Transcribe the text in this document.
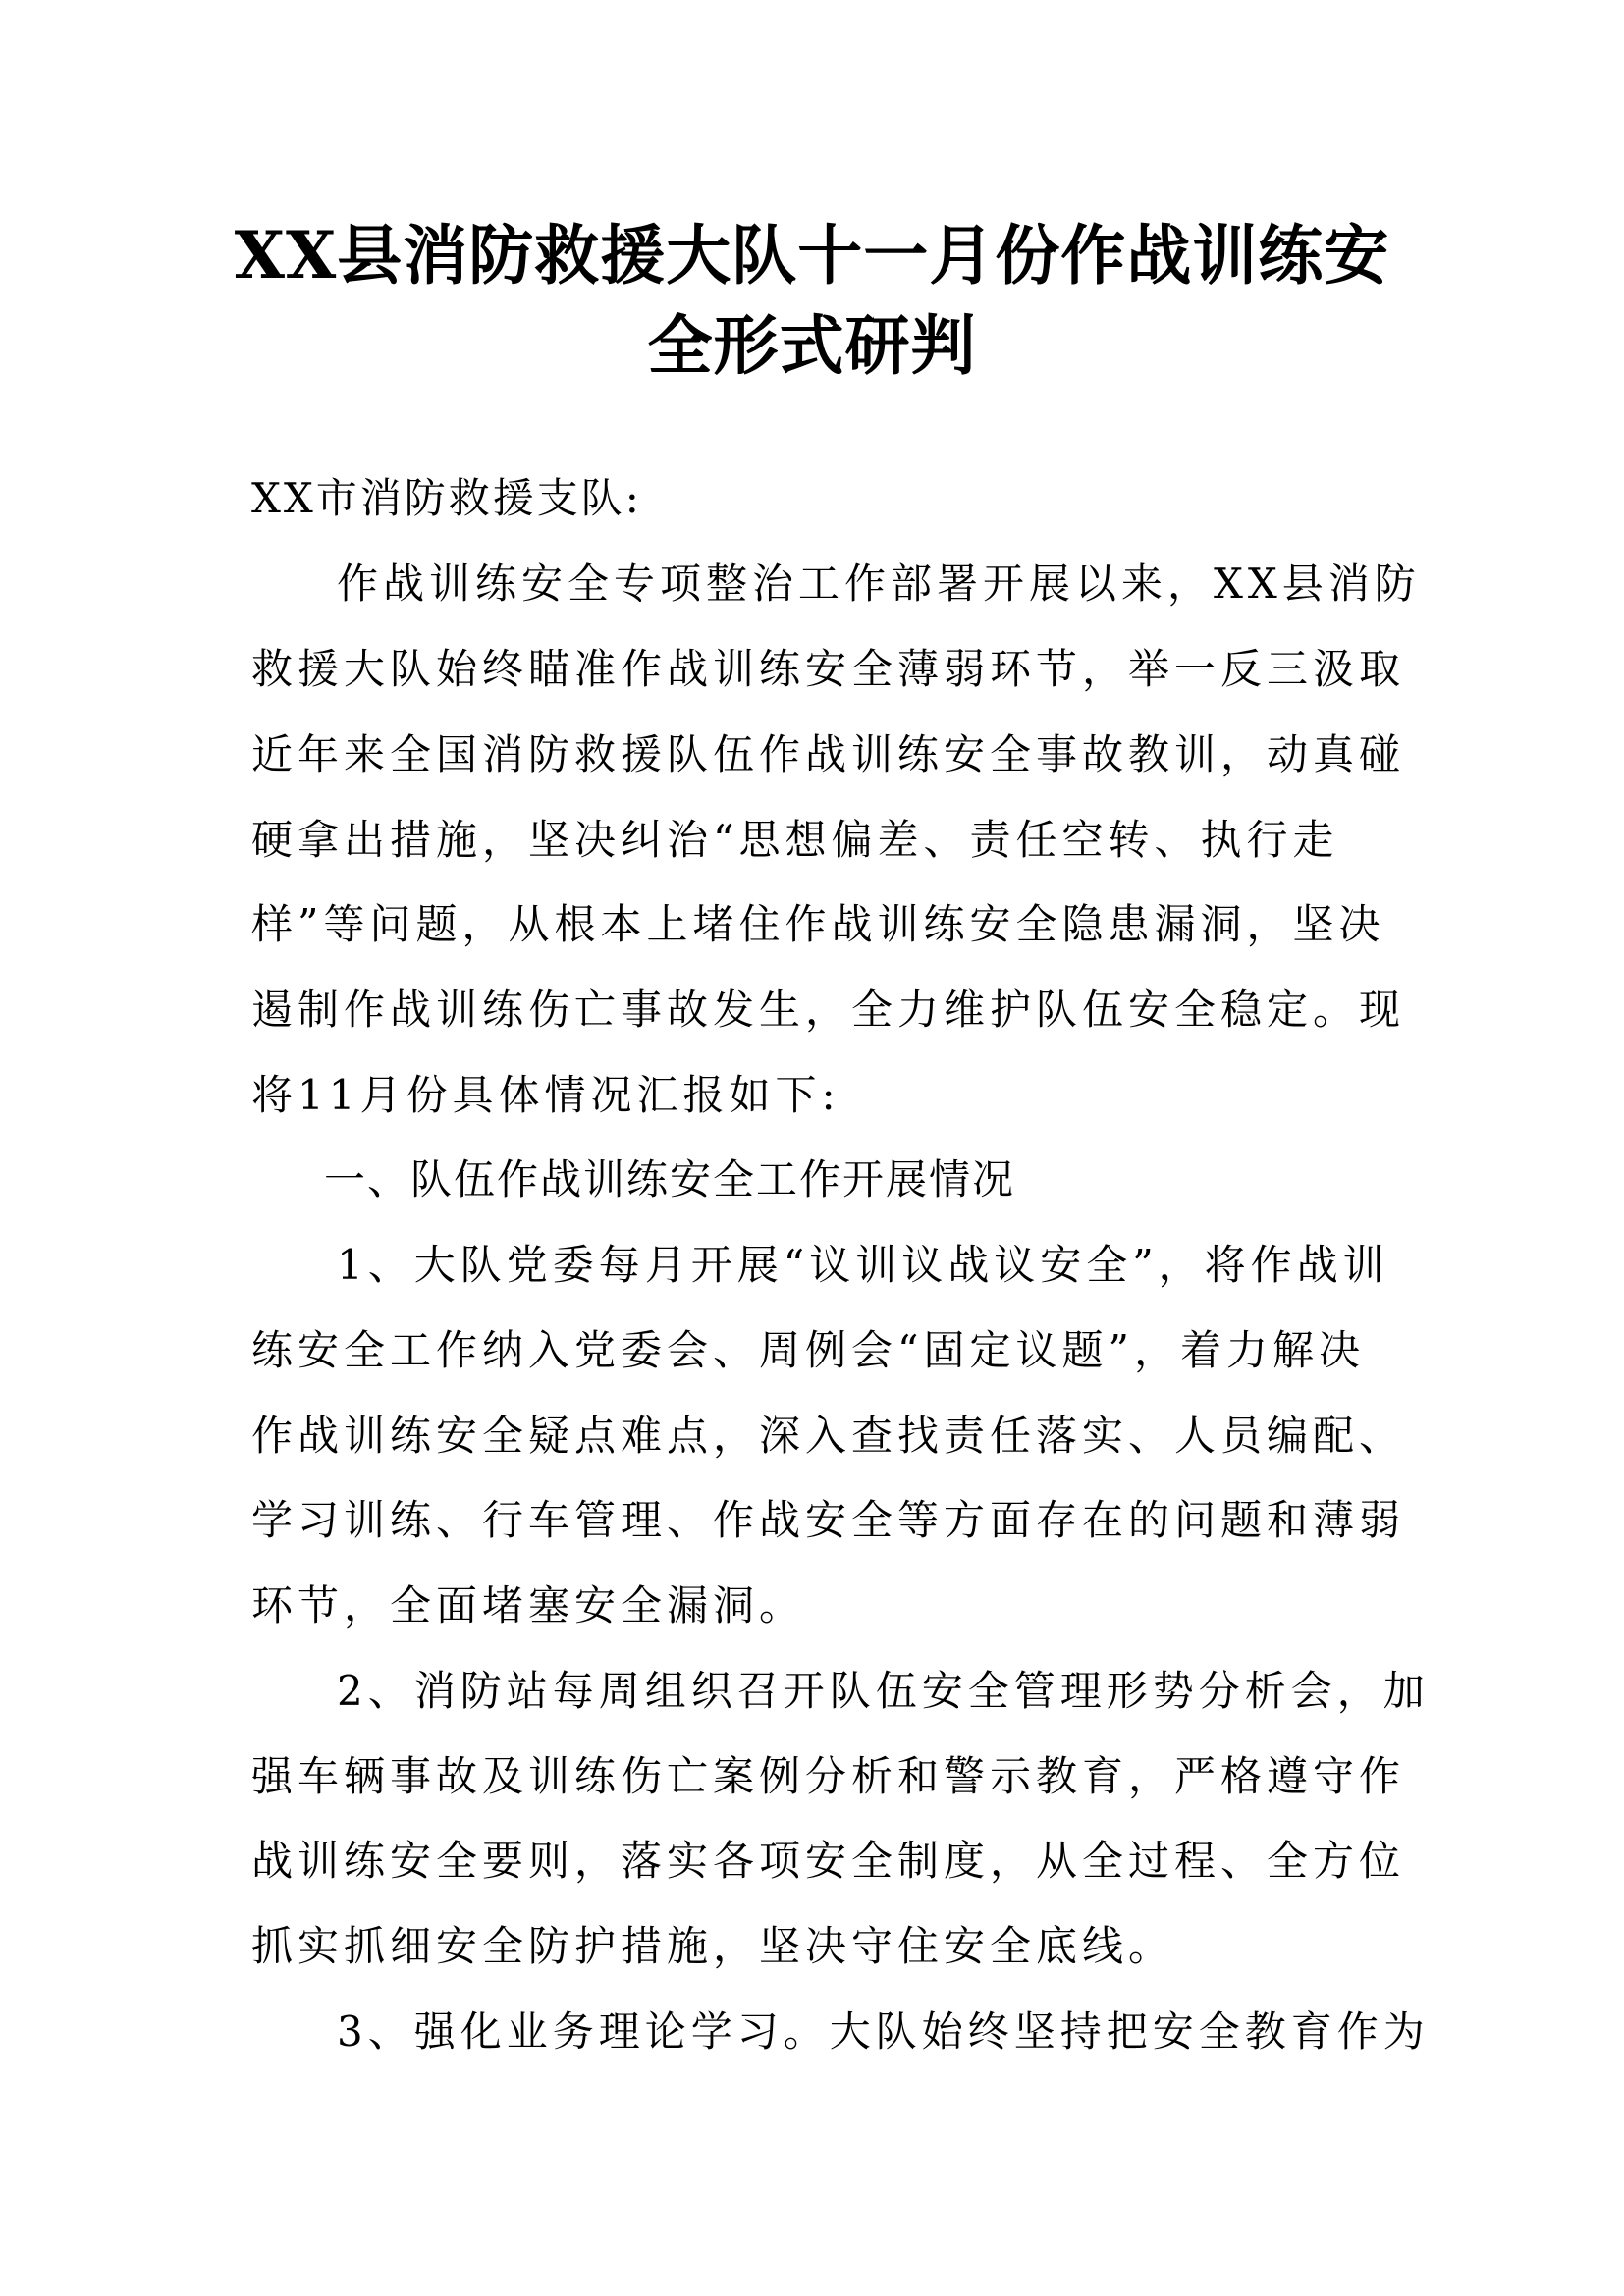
XX县消防救援大队十一月份作战训练安
全形式研判
XX市消防救援支队:
作战训练安全专项整治工作部署开展以来，XX县消防
救援大队始终瞄准作战训练安全薄弱环节，举一反三汲取
近年来全国消防救援队伍作战训练安全事故教训，动真碰
硬拿出措施，坚决纠治“思想偏差、责任空转、执行走
样”等问题，从根本上堵住作战训练安全隐患漏洞，坚决
遏制作战训练伤亡事故发生，全力维护队伍安全稳定。现
将11月份具体情况汇报如下:
一、队伍作战训练安全工作开展情况
1、大队党委每月开展“议训议战议安全”，将作战训
练安全工作纳入党委会、周例会“固定议题”，着力解决
作战训练安全疑点难点，深入查找责任落实、人员编配、
学习训练、行车管理、作战安全等方面存在的问题和薄弱
环节，全面堵塞安全漏洞。
2、消防站每周组织召开队伍安全管理形势分析会，加
强车辆事故及训练伤亡案例分析和警示教育，严格遵守作
战训练安全要则，落实各项安全制度，从全过程、全方位
抓实抓细安全防护措施，坚决守住安全底线。
3、强化业务理论学习。大队始终坚持把安全教育作为
